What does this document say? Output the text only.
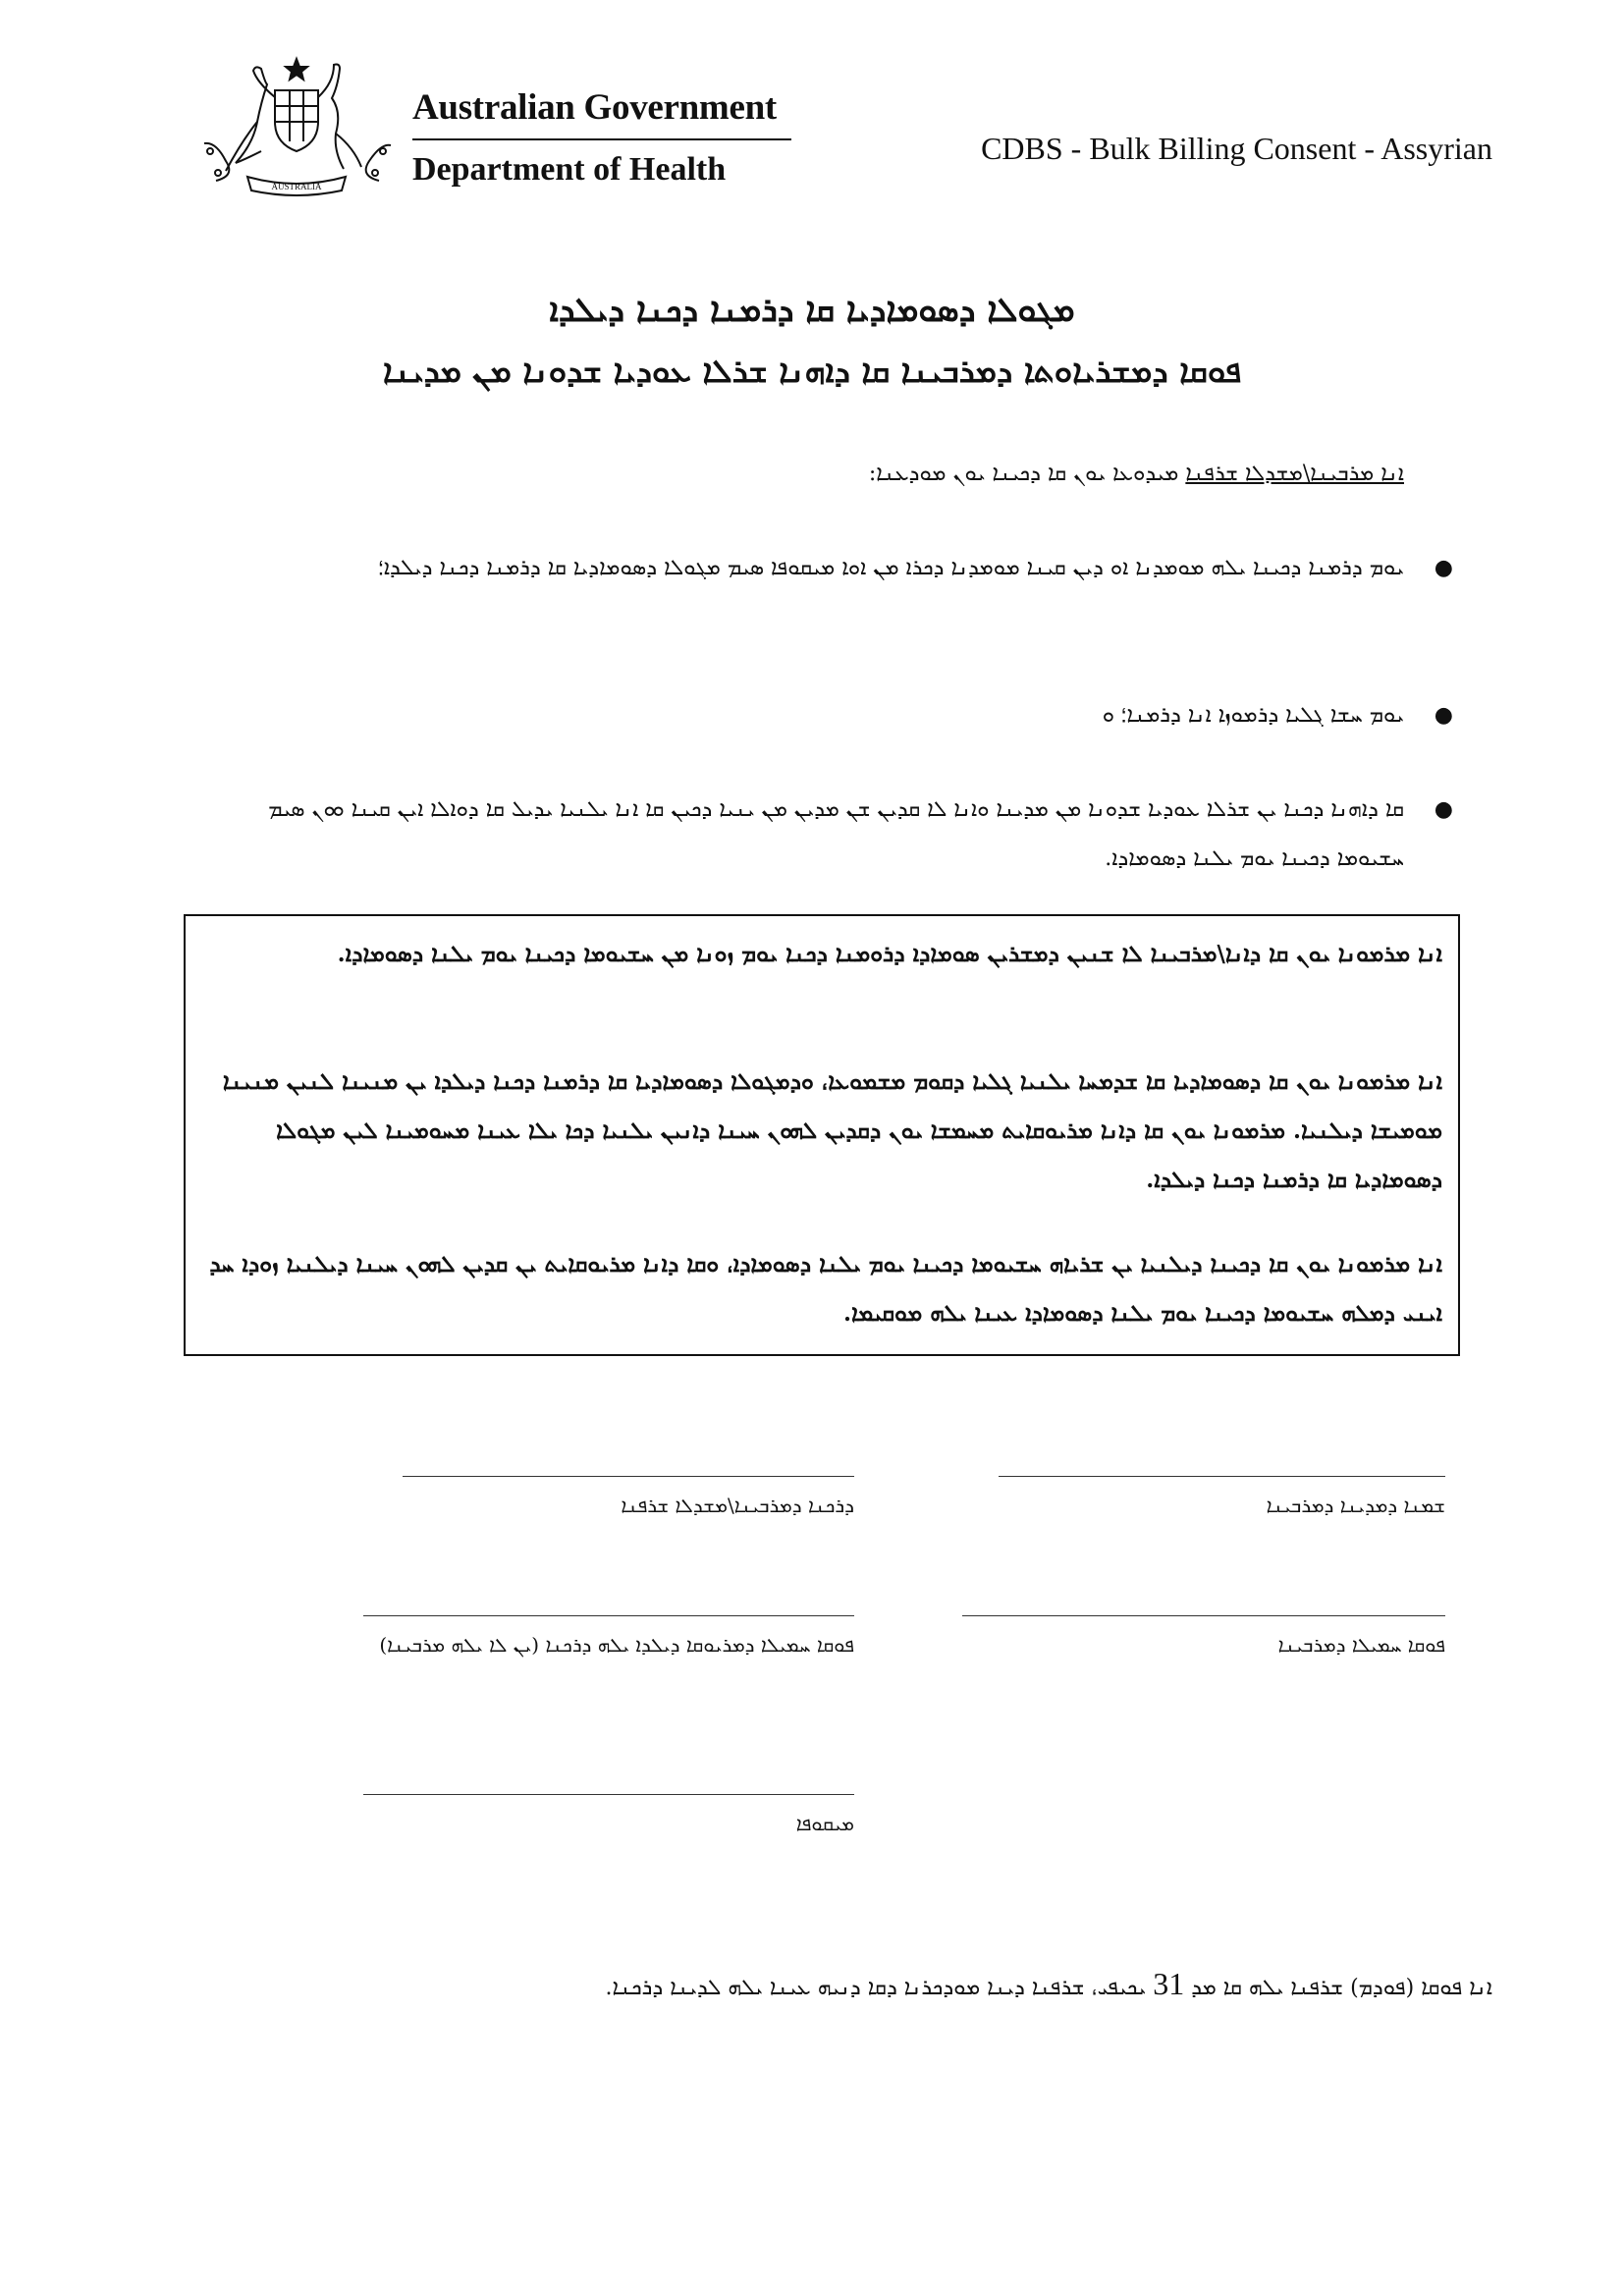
AUSTRALIA
Australian Government
Department of Health
CDBS - Bulk Billing Consent - Assyrian
ܡܓܘܠܐ ܕܣܘܡܐܕܝܐ ܩܐ ܕܪܡܢܐ ܕܟܢܐ ܕܝܠܕܐ
ܦܘܩܐ ܕܡܫܪܝܐܘܬܐ ܕܡܪܒܝܢܐ ܩܐ ܕܐܗܢܐ ܫܪܠܐ ܥܘܕܝܐ ܫܕܘܢܐ ܡܢ ܡܕܝܢܐ
ܐܢܐ ܡܪܒܝܢܐ\ܡܫܕܠܐ ܫܪܦܢܐ ܡܝܕܘܥܐ ܝܘܢ ܩܐ ܕܟܝܢܐ ܝܘܢ ܡܘܕܥܢܐ:
●
ܝܘܡ ܕܪܡܢܐ ܕܟܝܢܐ ܝܠܗ ܡܘܡܕܢܐ ܐܘ ܕܝܢ ܩܝܢܐ ܡܘܡܕܢܐ ܕܟܪܐ ܡܢ ܐܘܐ ܡܝܩܘܦܐ ܣܝܡ ܡܓܘܠܐ ܕܣܘܡܐܕܝܐ ܩܐ ܕܪܡܢܐ ܕܟܢܐ ܕܝܠܕܐ؛
●
ܝܘܡ ܚܫܐ ܓܠܝܐ ܕܪܡܘܙܐ ܐܢܐ ܕܪܡܢܐ؛ ܘ
●
ܩܐ ܕܐܗܢܐ ܕܟܢܐ ܝܢ ܫܪܠܐ ܥܘܕܝܐ ܫܕܘܢܐ ܡܢ ܡܕܝܢܐ ܘܐܢܐ ܠܐ ܩܕܝܢ ܫܢ ܡܕܝܢ ܡܢ ܝܢܝܐ ܕܟܝܢ ܩܐ ܐܢܐ ܝܠܢܝܐ ܝܕܝܠ ܩܐ ܕܘܐܠܐ ܐܝܢ ܩܝܢܐ ܘܘܢ ܣܝܡ ܚܫܝܘܡܐ ܕܟܝܢܐ ܝܘܡ ܝܠܢܐ ܕܣܘܡܐܕܐ.
ܐܢܐ ܡܪܡܘܢܐ ܝܘܢ ܩܐ ܕܐܢܐ\ܡܪܒܝܢܐ ܠܐ ܫܢܝܢ ܕܡܫܪܝܢ ܣܘܡܐܕܐ ܕܪܘܡܢܐ ܕܟܢܐ ܝܘܡ ܙܘܢܐ ܡܢ ܚܫܝܘܡܐ ܕܟܝܢܐ ܝܘܡ ܝܠܢܐ ܕܣܘܡܐܕܐ.
ܐܢܐ ܡܪܡܘܢܐ ܝܘܢ ܩܐ ܕܣܘܡܐܕܝܐ ܩܐ ܫܕܡܚܐ ܝܠܢܝܐ ܓܠܝܐ ܕܩܘܡ ܡܫܡܘܥܐ، ܘܕܡܓܘܠܐ ܕܣܘܡܐܕܝܐ ܩܐ ܕܪܡܢܐ ܕܟܢܐ ܕܝܠܕܐ ܝܢ ܡܢܝܢܐ ܠܢܝܢ ܡܢܝܢܐ ܡܘܡܝܫܐ ܕܝܠܢܝܐ. ܡܪܡܘܢܐ ܝܘܢ ܩܐ ܕܐܢܐ ܡܪܝܘܩܐܝܬ ܡܚܡܫܐ ܝܘܢ ܕܩܕܝܢ ܠܗܘܢ ܚܝܢܐ ܕܐܢܝܢ ܝܠܢܝܐ ܕܟܐ ܝܠܐ ܥܝܢܐ ܡܚܘܡܝܢܐ ܠܝܢ ܡܓܘܠܐ ܕܣܘܡܐܕܝܐ ܩܐ ܕܪܡܢܐ ܕܟܢܐ ܕܝܠܕܐ.
ܐܢܐ ܡܪܡܘܢܐ ܝܘܢ ܩܐ ܕܟܝܢܐ ܕܝܠܢܝܐ ܝܢ ܫܪܝܐܗ ܚܫܝܘܡܐ ܕܟܝܢܐ ܝܘܡ ܝܠܢܐ ܕܣܘܡܐܕܐ، ܘܩܐ ܕܐܢܐ ܡܪܝܘܩܐܝܬ ܝܢ ܩܕܝܢ ܠܗܘܢ ܚܝܢܐ ܕܝܠܢܝܐ ܙܘܕܐ ܚܕ ܐܝܢܝ ܕܡܠܗ ܚܫܝܘܡܐ ܕܟܝܢܐ ܝܘܡ ܝܠܢܐ ܕܣܘܡܐܕܐ ܥܝܢܐ ܝܠܗ ܡܘܩܝܡܐ.
ܕܪܟܢܐ ܕܡܪܒܝܢܐ\ܡܫܕܠܐ ܫܪܦܢܐ	ܫܡܢܐ ܕܡܕܝܢܐ ܕܡܪܒܝܢܐ
ܦܘܩܐ ܚܡܝܠܐ ܕܡܪܝܘܩܐ ܕܝܠܕܐ ܝܠܗ ܕܪܟܢܐ (ܝܢ ܠܐ ܝܠܗ ܡܪܒܝܢܐ)	ܦܘܩܐ ܚܡܝܠܐ ܕܡܪܒܝܢܐ
ܡܝܩܘܦܐ
ܐܢܐ ܦܘܩܐ (ܦܘܕܡ) ܫܪܦܢܐ ܝܠܗ ܩܐ ܡܕ 31 ܝܟܝܦܝ، ܫܪܦܢܐ ܕܝܢܐ ܡܘܕܟܪܢܐ ܕܩܐ ܕܢܝܗ ܥܝܢܐ ܝܠܗ ܠܕܝܢܐ ܕܪܟܢܐ.
